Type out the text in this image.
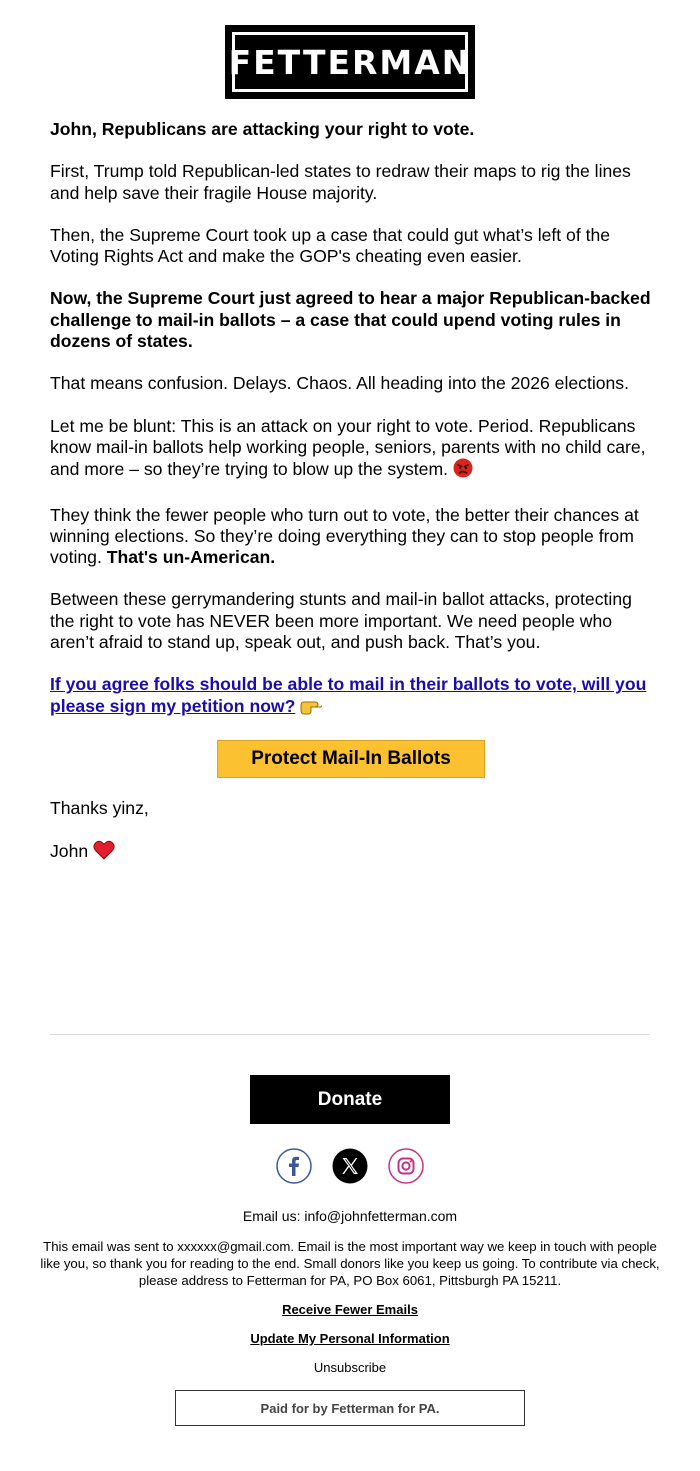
FETTERMAN

John, Republicans are attacking your right to vote.

First, Trump told Republican-led states to redraw their maps to rig the lines and help save their fragile House majority.

Then, the Supreme Court took up a case that could gut what’s left of the Voting Rights Act and make the GOP's cheating even easier.

Now, the Supreme Court just agreed to hear a major Republican-backed challenge to mail-in ballots – a case that could upend voting rules in dozens of states.

That means confusion. Delays. Chaos. All heading into the 2026 elections.

Let me be blunt: This is an attack on your right to vote. Period. Republicans know mail-in ballots help working people, seniors, parents with no child care, and more – so they’re trying to blow up the system.

They think the fewer people who turn out to vote, the better their chances at winning elections. So they’re doing everything they can to stop people from voting. That's un-American.

Between these gerrymandering stunts and mail-in ballot attacks, protecting the right to vote has NEVER been more important. We need people who aren’t afraid to stand up, speak out, and push back. That’s you.

If you agree folks should be able to mail in their ballots to vote, will you please sign my petition now?

Protect Mail-In Ballots

Thanks yinz,

John

Donate
Email us: info@johnfetterman.com
This email was sent to xxxxxx@gmail.com. Email is the most important way we keep in touch with people like you, so thank you for reading to the end. Small donors like you keep us going. To contribute via check, please address to Fetterman for PA, PO Box 6061, Pittsburgh PA 15211.
Receive Fewer Emails
Update My Personal Information
Unsubscribe
Paid for by Fetterman for PA.
